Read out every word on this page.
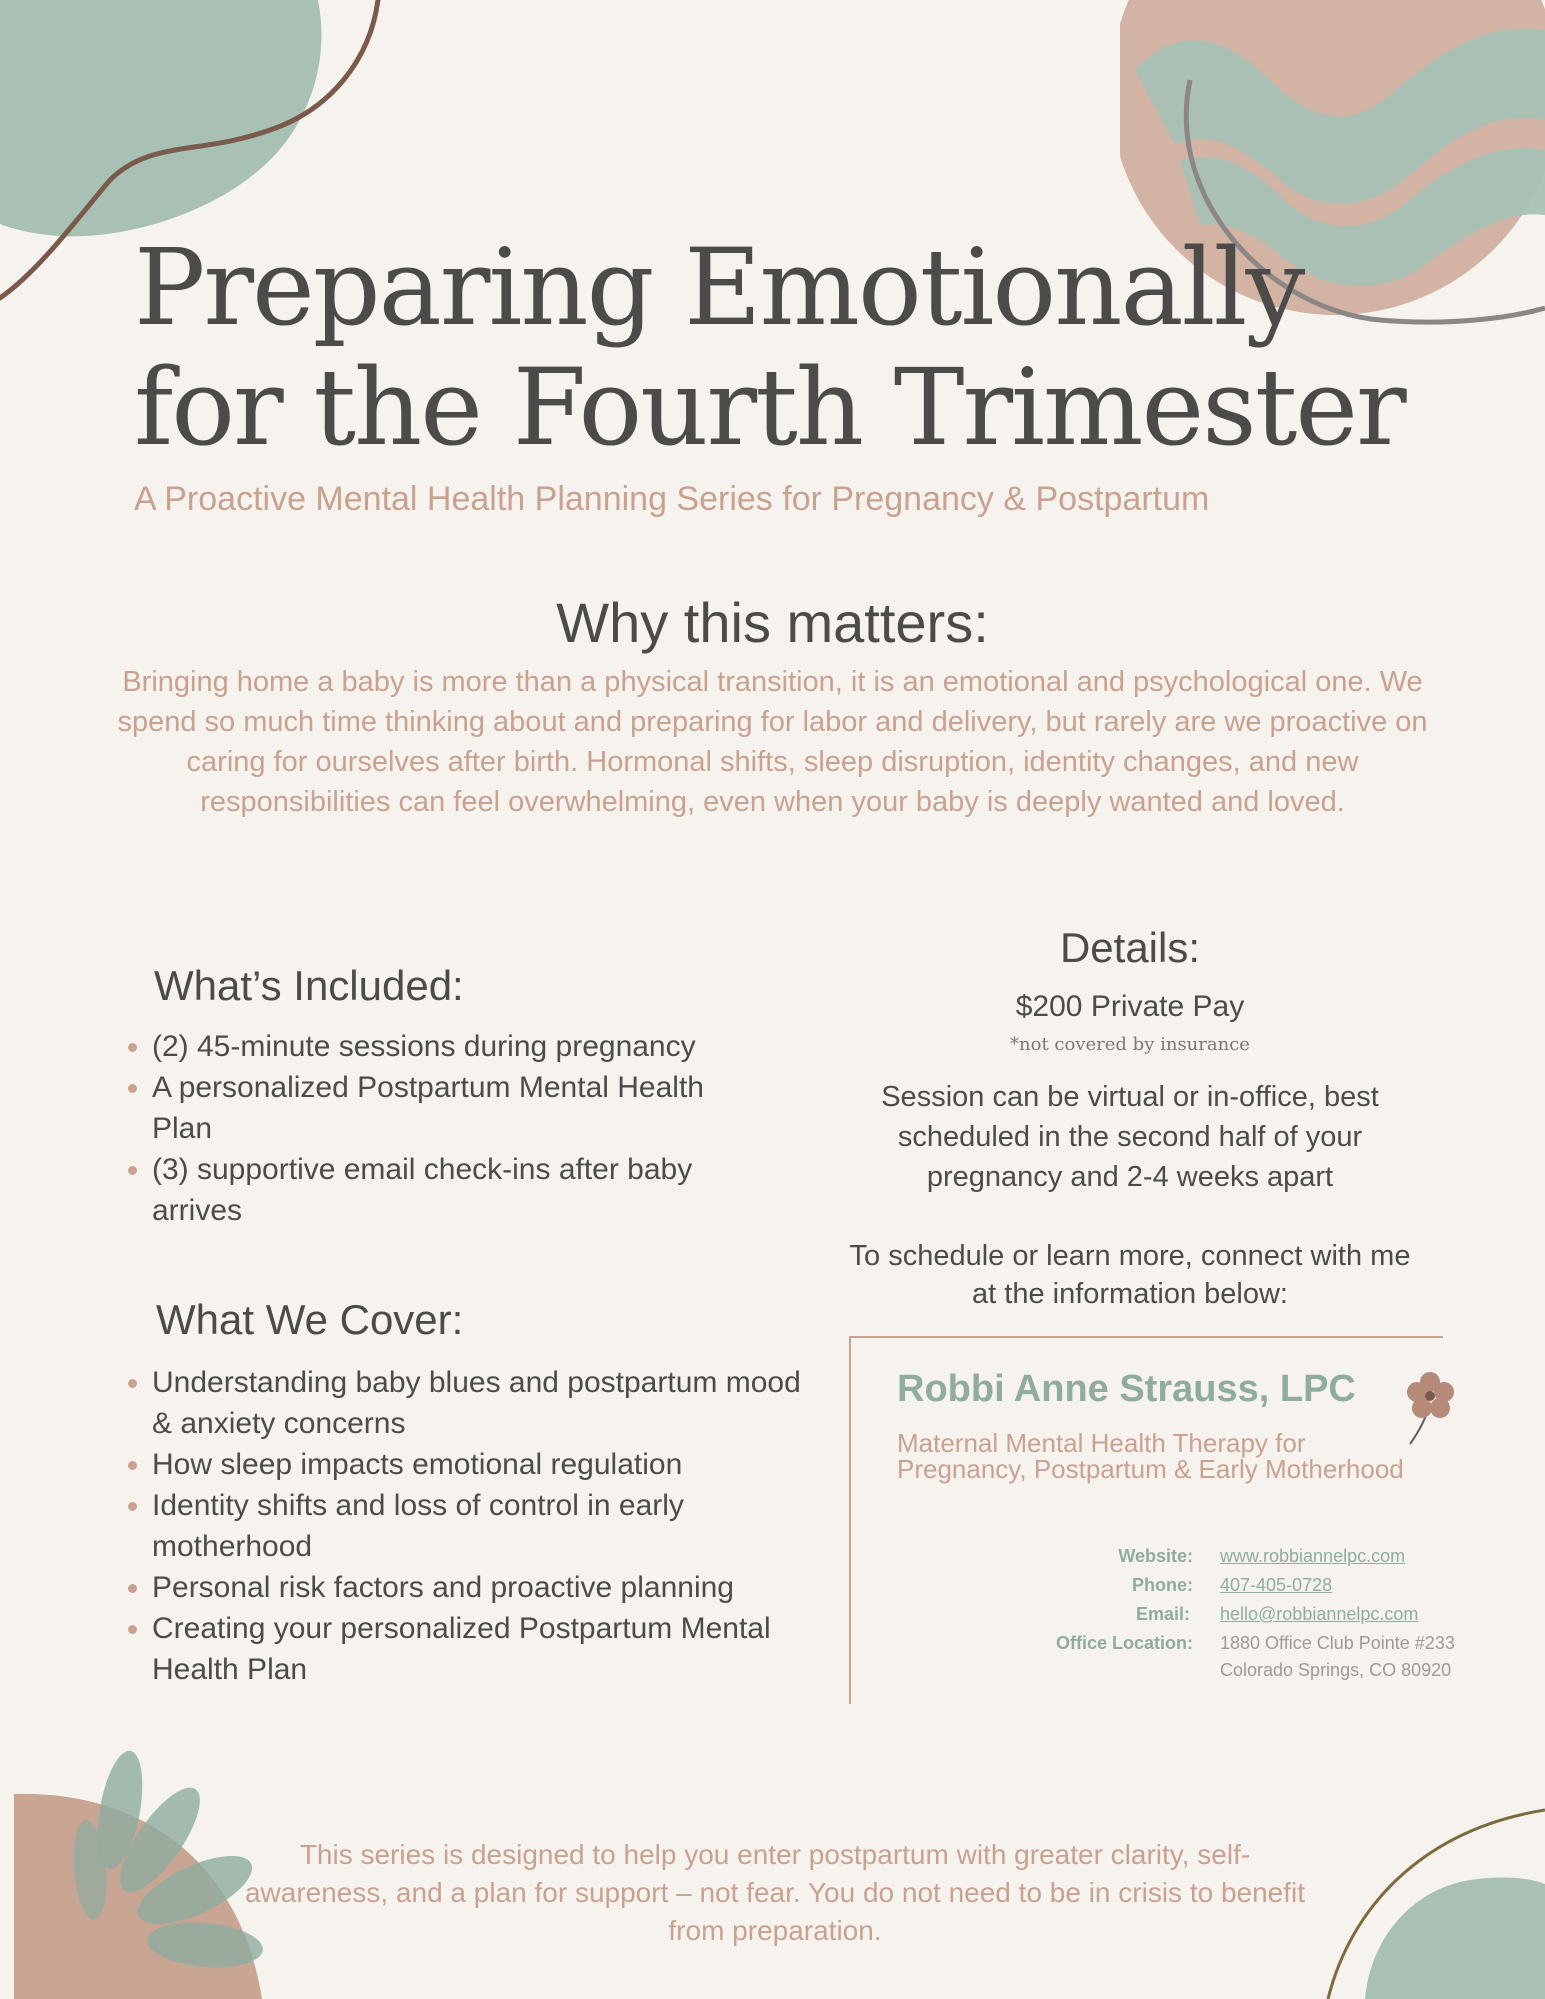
Preparing Emotionally
for the Fourth Trimester

A Proactive Mental Health Planning Series for Pregnancy & Postpartum

Why this matters:

Bringing home a baby is more than a physical transition, it is an emotional and psychological one. We spend so much time thinking about and preparing for labor and delivery, but rarely are we proactive on caring for ourselves after birth. Hormonal shifts, sleep disruption, identity changes, and new responsibilities can feel overwhelming, even when your baby is deeply wanted and loved.

What’s Included:
• (2) 45-minute sessions during pregnancy
• A personalized Postpartum Mental Health Plan
• (3) supportive email check-ins after baby arrives
What We Cover:
• Understanding baby blues and postpartum mood & anxiety concerns
• How sleep impacts emotional regulation
• Identity shifts and loss of control in early motherhood
• Personal risk factors and proactive planning
• Creating your personalized Postpartum Mental Health Plan
Details:
$200 Private Pay
*not covered by insurance
Session can be virtual or in-office, best scheduled in the second half of your pregnancy and 2-4 weeks apart
To schedule or learn more, connect with me at the information below:

Robbi Anne Strauss, LPC

Maternal Mental Health Therapy for
Pregnancy, Postpartum & Early Motherhood

Website: www.robbiannelpc.com
Phone: 407-405-0728
Email: hello@robbiannelpc.com
Office Location: 1880 Office Club Pointe #233
Colorado Springs, CO 80920

This series is designed to help you enter postpartum with greater clarity, self-awareness, and a plan for support – not fear. You do not need to be in crisis to benefit from preparation.
